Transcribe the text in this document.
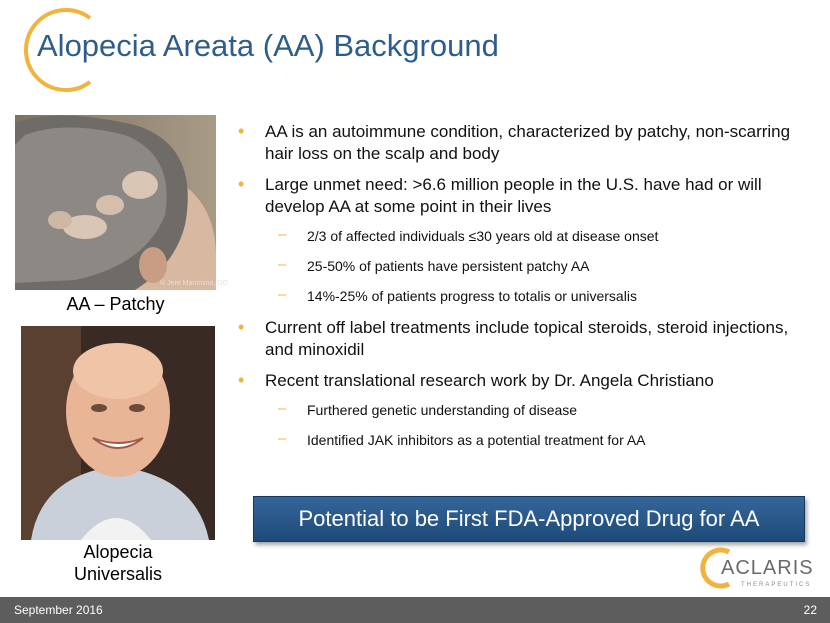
Alopecia Areata (AA) Background
© Jere Mammino, DO
AA – Patchy
Alopecia
Universalis
• AA is an autoimmune condition, characterized by patchy, non-scarring hair loss on the scalp and body
• Large unmet need: >6.6 million people in the U.S. have had or will develop AA at some point in their lives
– 2/3 of affected individuals ≤30 years old at disease onset
– 25-50% of patients have persistent patchy AA
– 14%-25% of patients progress to totalis or universalis
• Current off label treatments include topical steroids, steroid injections, and minoxidil
• Recent translational research work by Dr. Angela Christiano
– Furthered genetic understanding of disease
– Identified JAK inhibitors as a potential treatment for AA
Potential to be First FDA-Approved Drug for AA
ACLARIS
THERAPEUTICS
September 2016	22
